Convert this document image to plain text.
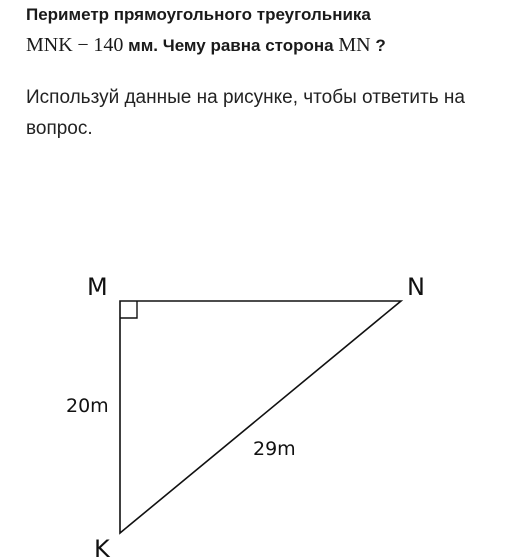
Периметр прямоугольного треугольника
MNK − 140 мм. Чему равна сторона MN ?

Используй данные на рисунке, чтобы ответить на вопрос.

M	N
K
20m
29m
